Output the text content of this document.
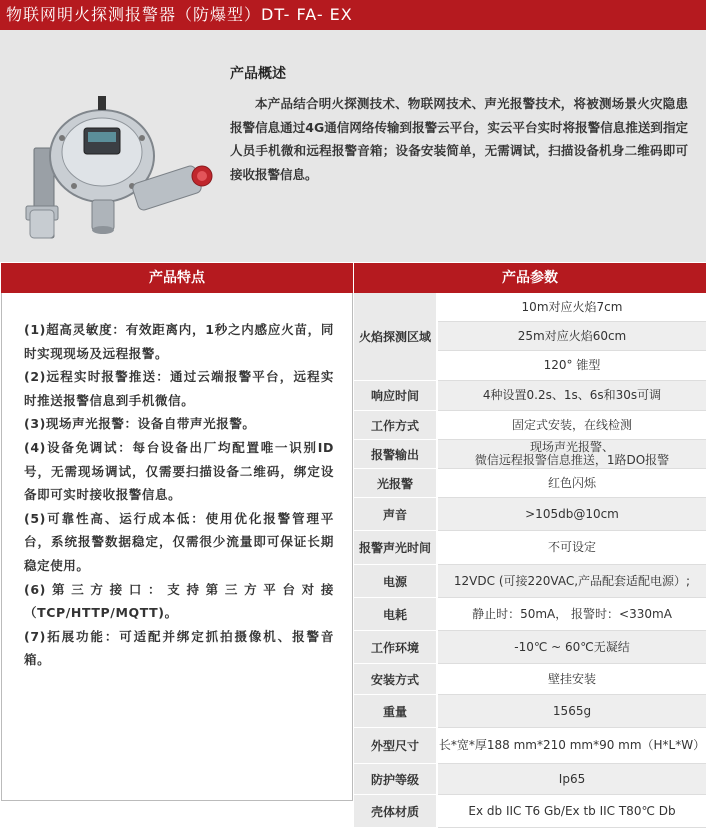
物联网明火探测报警器（防爆型）DT- FA- EX
产品概述
本产品结合明火探测技术、物联网技术、声光报警技术，将被测场景火灾隐患报警信息通过4G通信网络传输到报警云平台，实云平台实时将报警信息推送到指定人员手机微和远程报警音箱；设备安装简单，无需调试，扫描设备机身二维码即可接收报警信息。
产品特点	产品参数

(1)超高灵敏度：有效距离内，1秒之内感应火苗，同时实现现场及远程报警。

(2)远程实时报警推送：通过云端报警平台，远程实时推送报警信息到手机微信。

(3)现场声光报警：设备自带声光报警。

(4)设备免调试：每台设备出厂均配置唯一识别ID号，无需现场调试，仅需要扫描设备二维码，绑定设备即可实时接收报警信息。

(5)可靠性高、运行成本低：使用优化报警管理平台，系统报警数据稳定，仅需很少流量即可保证长期稳定使用。

(6)第三方接口：支持第三方平台对接（TCP/HTTP/MQTT)。

(7)拓展功能：可适配并绑定抓拍摄像机、报警音箱。

火焰探测区域
10m对应火焰7cm
25m对应火焰60cm
120° 锥型
响应时间	4种设置0.2s、1s、6s和30s可调
工作方式	固定式安装，在线检测
报警输出
现场声光报警、
微信远程报警信息推送，1路DO报警
光报警	红色闪烁
声音	>105db@10cm
报警声光时间	不可设定
电源	12VDC (可接220VAC,产品配套适配电源）;
电耗	静止时：50mA， 报警时：<330mA
工作环境	-10℃ ~ 60℃无凝结
安装方式	壁挂安装
重量	1565g
外型尺寸	长*宽*厚188 mm*210 mm*90 mm（H*L*W）
防护等级	Ip65
壳体材质	Ex db IIC T6 Gb/Ex tb IIC T80℃ Db
